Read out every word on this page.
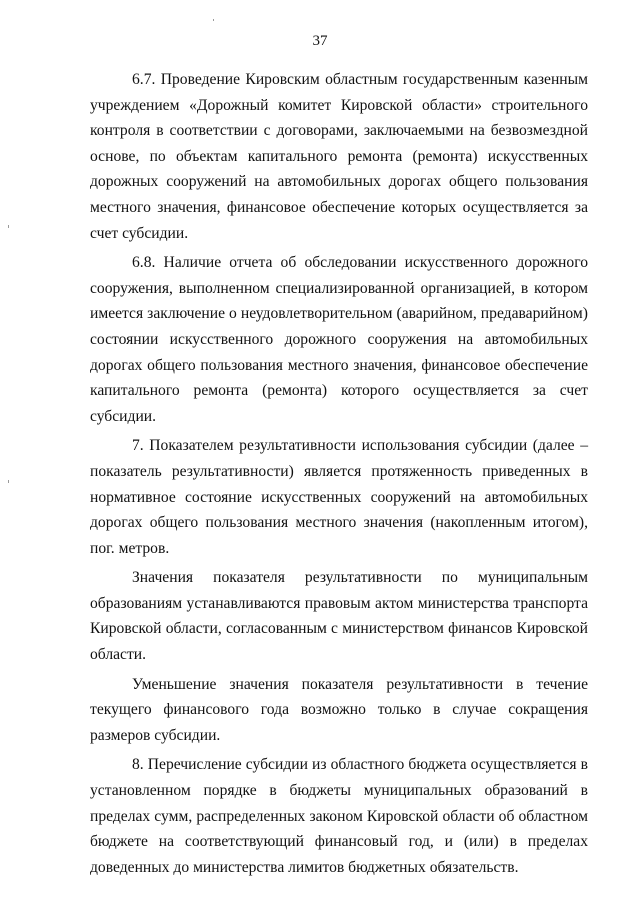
37

6.7. Проведение Кировским областным государственным казенным учреждением «Дорожный комитет Кировской области» строительного контроля в соответствии с договорами, заключаемыми на безвозмездной основе, по объектам капитального ремонта (ремонта) искусственных дорожных сооружений на автомобильных дорогах общего пользования местного значения, финансовое обеспечение которых осуществляется за счет субсидии.

6.8. Наличие отчета об обследовании искусственного дорожного сооружения, выполненном специализированной организацией, в котором имеется заключение о неудовлетворительном (аварийном, предаварийном) состоянии искусственного дорожного сооружения на автомобильных дорогах общего пользования местного значения, финансовое обеспечение капитального ремонта (ремонта) которого осуществляется за счет субсидии.

7. Показателем результативности использования субсидии (далее – показатель результативности) является протяженность приведенных в нормативное состояние искусственных сооружений на автомобильных дорогах общего пользования местного значения (накопленным итогом), пог. метров.

Значения показателя результативности по муниципальным образованиям устанавливаются правовым актом министерства транспорта Кировской области, согласованным с министерством финансов Кировской области.

Уменьшение значения показателя результативности в течение текущего финансового года возможно только в случае сокращения размеров субсидии.

8. Перечисление субсидии из областного бюджета осуществляется в установленном порядке в бюджеты муниципальных образований в пределах сумм, распределенных законом Кировской области об областном бюджете на соответствующий финансовый год, и (или) в пределах доведенных до министерства лимитов бюджетных обязательств.
